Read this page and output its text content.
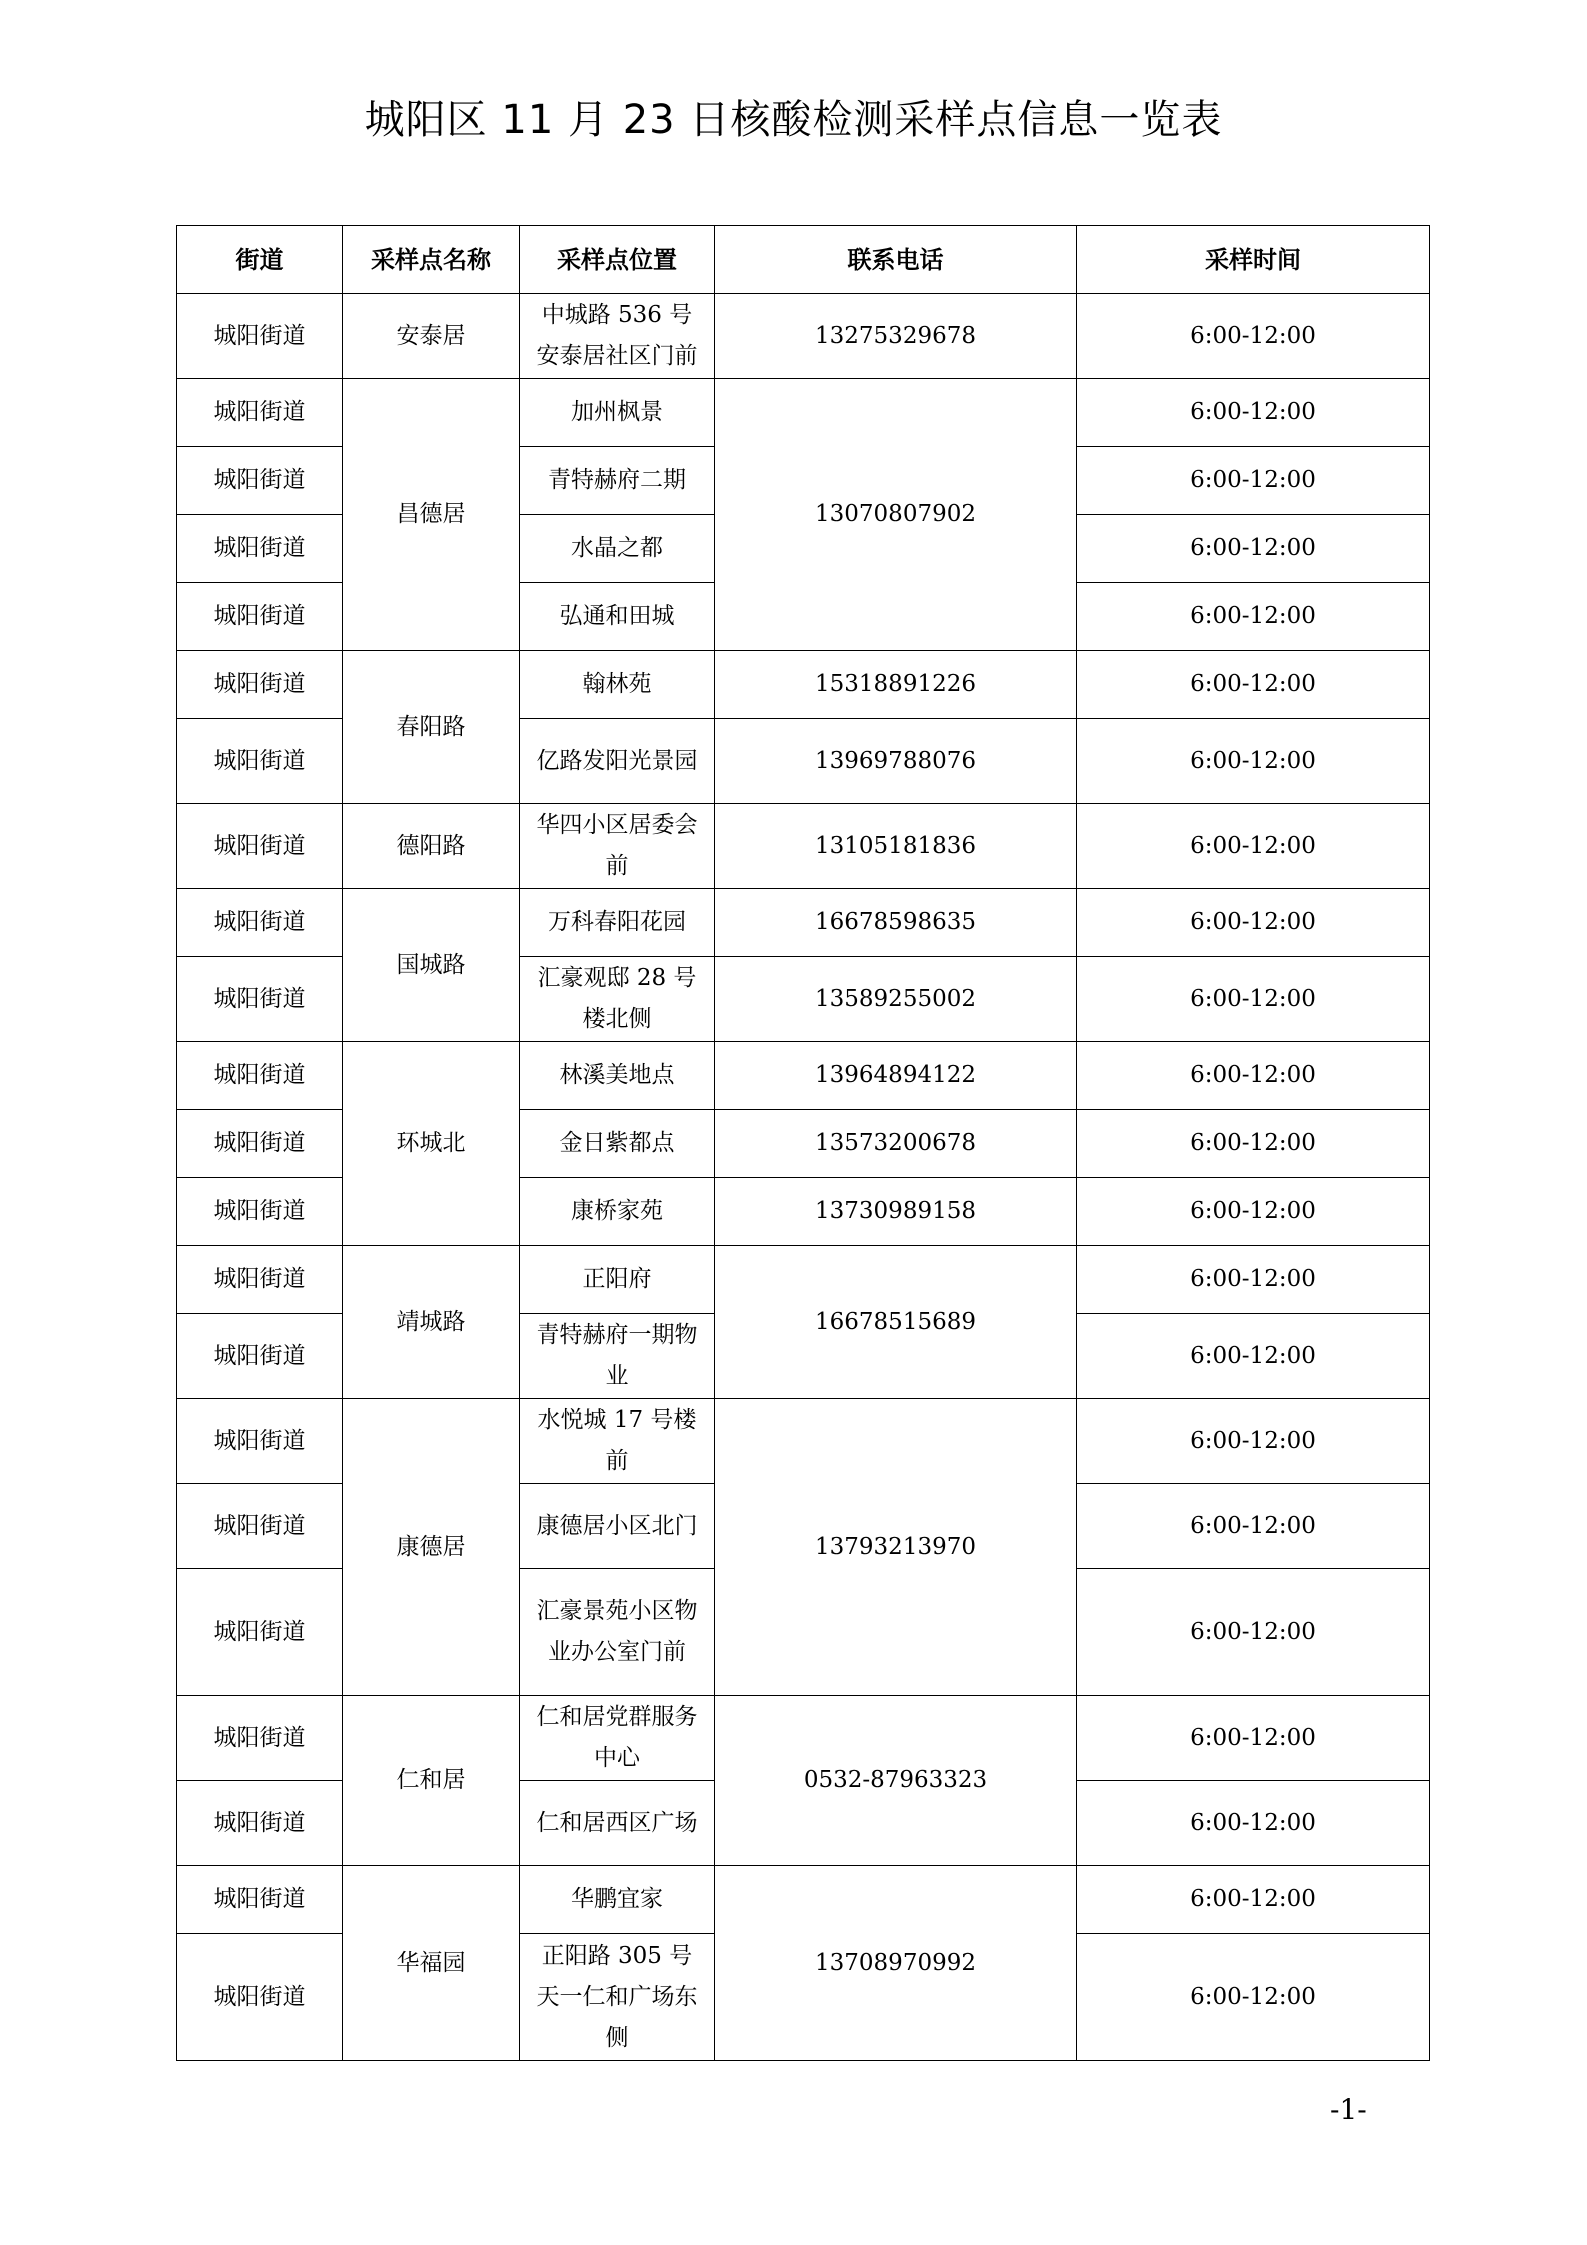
城阳区 11 月 23 日核酸检测采样点信息一览表
街道	采样点名称	采样点位置	联系电话	采样时间
城阳街道	安泰居	中城路 536 号安泰居社区门前	13275329678	6:00-12:00
城阳街道	昌德居	加州枫景	13070807902	6:00-12:00
城阳街道		青特赫府二期		6:00-12:00
城阳街道		水晶之都		6:00-12:00
城阳街道		弘通和田城		6:00-12:00
城阳街道	春阳路	翰林苑	15318891226	6:00-12:00
城阳街道		亿路发阳光景园	13969788076	6:00-12:00
城阳街道	德阳路	华四小区居委会前	13105181836	6:00-12:00
城阳街道	国城路	万科春阳花园	16678598635	6:00-12:00
城阳街道		汇豪观邸 28 号楼北侧	13589255002	6:00-12:00
城阳街道	环城北	林溪美地点	13964894122	6:00-12:00
城阳街道		金日紫都点	13573200678	6:00-12:00
城阳街道		康桥家苑	13730989158	6:00-12:00
城阳街道	靖城路	正阳府	16678515689	6:00-12:00
城阳街道		青特赫府一期物业		6:00-12:00
城阳街道	康德居	水悦城 17 号楼前	13793213970	6:00-12:00
城阳街道		康德居小区北门		6:00-12:00
城阳街道		汇豪景苑小区物业办公室门前		6:00-12:00
城阳街道	仁和居	仁和居党群服务中心	0532-87963323	6:00-12:00
城阳街道		仁和居西区广场		6:00-12:00
城阳街道	华福园	华鹏宜家	13708970992	6:00-12:00
城阳街道		正阳路 305 号天一仁和广场东侧		6:00-12:00
-1-
